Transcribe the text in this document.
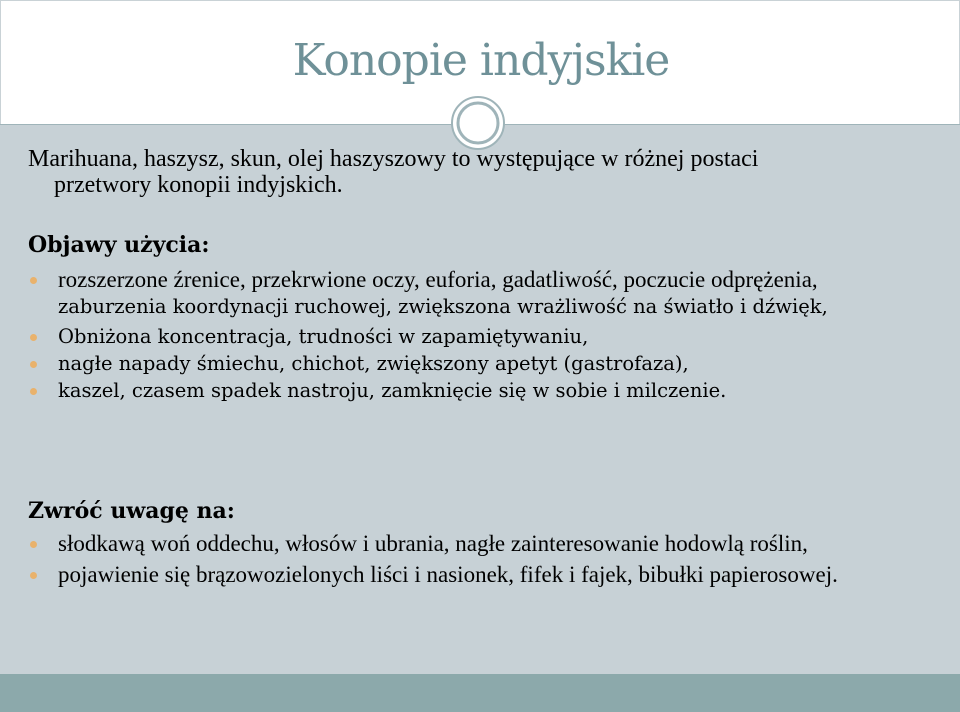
Konopie indyjskie
Marihuana, haszysz, skun, olej haszyszowy to występujące w różnej postaci
przetwory konopii indyjskich.
Objawy użycia:
rozszerzone źrenice, przekrwione oczy, euforia, gadatliwość, poczucie odprężenia,
zaburzenia koordynacji ruchowej, zwiększona wrażliwość na światło i dźwięk,
Obniżona koncentracja, trudności w zapamiętywaniu,
nagłe napady śmiechu, chichot, zwiększony apetyt (gastrofaza),
kaszel, czasem spadek nastroju, zamknięcie się w sobie i milczenie.
Zwróć uwagę na:
słodkawą woń oddechu, włosów i ubrania, nagłe zainteresowanie hodowlą roślin,
pojawienie się brązowozielonych liści i nasionek, fifek i fajek, bibułki papierosowej.
